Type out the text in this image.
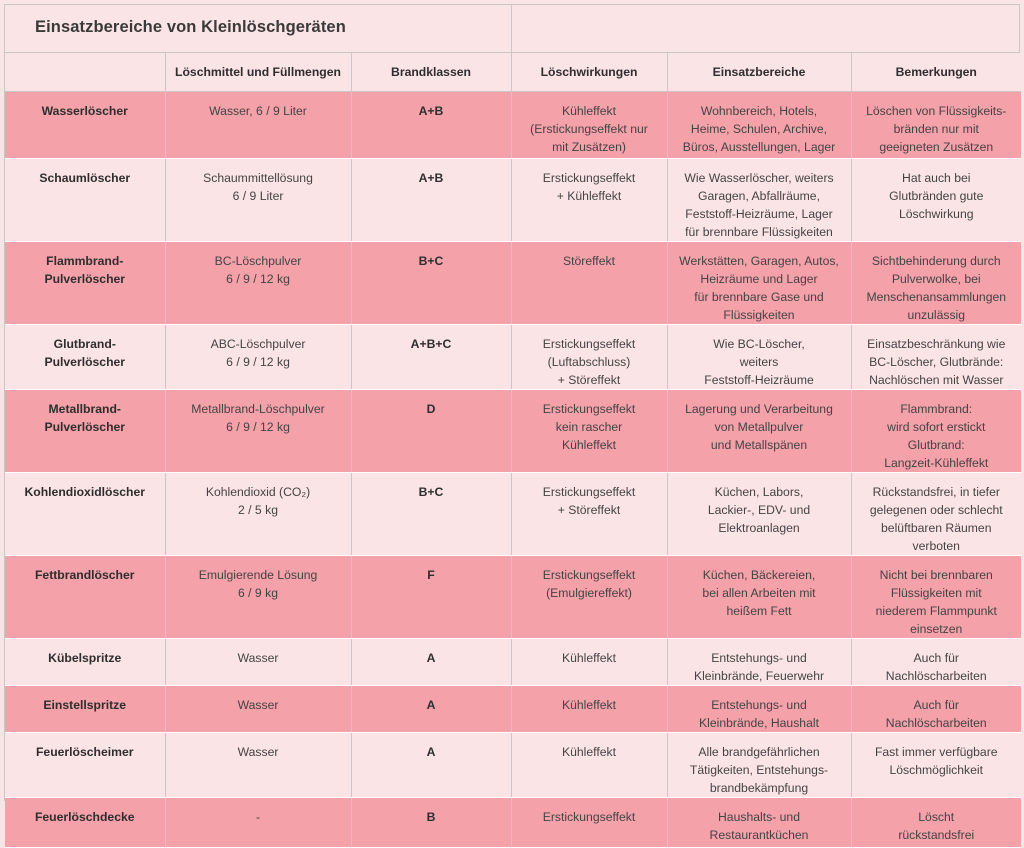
Einsatzbereiche von Kleinlöschgeräten
	Löschmittel und Füllmengen	Brandklassen	Löschwirkungen	Einsatzbereiche	Bemerkungen
Wasserlöscher	Wasser, 6 / 9 Liter	A+B	Kühleffekt
(Erstickungseffekt nur
mit Zusätzen)	Wohnbereich, Hotels,
Heime, Schulen, Archive,
Büros, Ausstellungen, Lager	Löschen von Flüssigkeits-
bränden nur mit
geeigneten Zusätzen
Schaumlöscher	Schaummittellösung
6 / 9 Liter	A+B	Erstickungseffekt
+ Kühleffekt	Wie Wasserlöscher, weiters
Garagen, Abfallräume,
Feststoff-Heizräume, Lager
für brennbare Flüssigkeiten	Hat auch bei
Glutbränden gute
Löschwirkung
Flammbrand-
Pulverlöscher	BC-Löschpulver
6 / 9 / 12 kg	B+C	Störeffekt	Werkstätten, Garagen, Autos,
Heizräume und Lager
für brennbare Gase und
Flüssigkeiten	Sichtbehinderung durch
Pulverwolke, bei
Menschenansammlungen
unzulässig
Glutbrand-
Pulverlöscher	ABC-Löschpulver
6 / 9 / 12 kg	A+B+C	Erstickungseffekt
(Luftabschluss)
+ Störeffekt	Wie BC-Löscher,
weiters
Feststoff-Heizräume	Einsatzbeschränkung wie
BC-Löscher, Glutbrände:
Nachlöschen mit Wasser
Metallbrand-
Pulverlöscher	Metallbrand-Löschpulver
6 / 9 / 12 kg	D	Erstickungseffekt
kein rascher
Kühleffekt	Lagerung und Verarbeitung
von Metallpulver
und Metallspänen	Flammbrand:
wird sofort erstickt
Glutbrand:
Langzeit-Kühleffekt
Kohlendioxidlöscher	Kohlendioxid (CO₂)
2 / 5 kg	B+C	Erstickungseffekt
+ Störeffekt	Küchen, Labors,
Lackier-, EDV- und
Elektroanlagen	Rückstandsfrei, in tiefer
gelegenen oder schlecht
belüftbaren Räumen
verboten
Fettbrandlöscher	Emulgierende Lösung
6 / 9 kg	F	Erstickungseffekt
(Emulgiereffekt)	Küchen, Bäckereien,
bei allen Arbeiten mit
heißem Fett	Nicht bei brennbaren
Flüssigkeiten mit
niederem Flammpunkt
einsetzen
Kübelspritze	Wasser	A	Kühleffekt	Entstehungs- und
Kleinbrände, Feuerwehr	Auch für
Nachlöscharbeiten
Einstellspritze	Wasser	A	Kühleffekt	Entstehungs- und
Kleinbrände, Haushalt	Auch für
Nachlöscharbeiten
Feuerlöscheimer	Wasser	A	Kühleffekt	Alle brandgefährlichen
Tätigkeiten, Entstehungs-
brandbekämpfung	Fast immer verfügbare
Löschmöglichkeit
Feuerlöschdecke	-	B	Erstickungseffekt	Haushalts- und
Restaurantküchen	Löscht
rückstandsfrei
